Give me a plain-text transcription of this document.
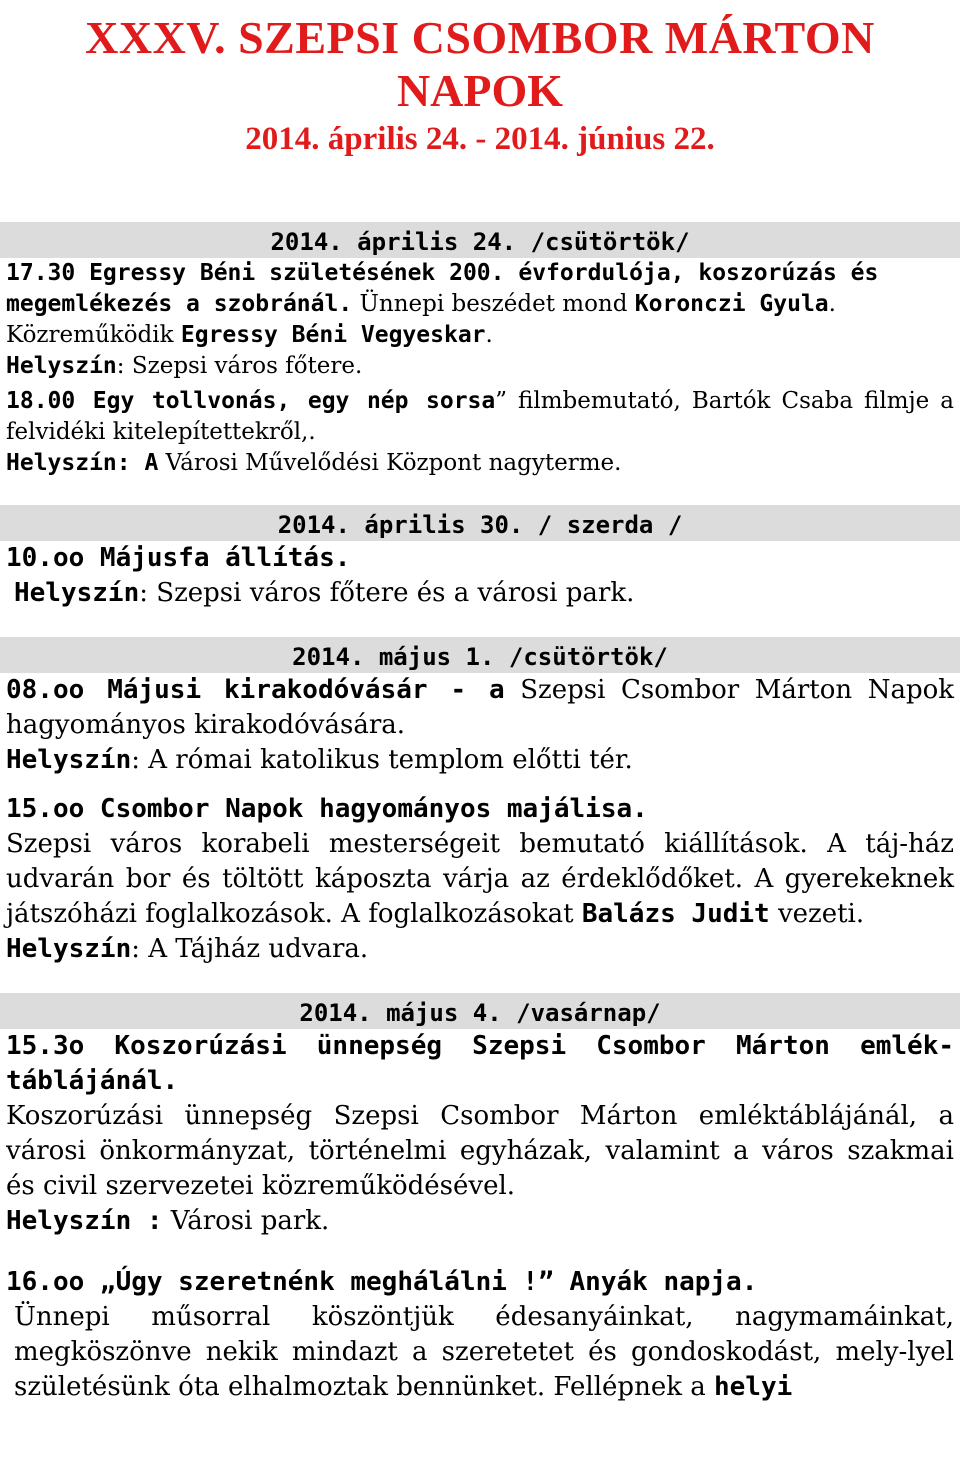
XXXV. SZEPSI CSOMBOR MÁRTON
NAPOK
2014. április 24. - 2014. június 22.
2014. április 24. /csütörtök/

17.30 Egressy Béni születésének 200. évfordulója, koszorúzás és megemlékezés a szobránál. Ünnepi beszédet mond Koronczi Gyula.

Közreműködik Egressy Béni Vegyeskar.

Helyszín: Szepsi város főtere.

18.00 Egy tollvonás, egy nép sorsa” filmbemutató, Bartók Csaba filmje a felvidéki kitelepítettekről,.

Helyszín: A Városi Művelődési Központ nagyterme.

2014. április 30. / szerda /

10.oo Májusfa állítás.

Helyszín: Szepsi város főtere és a városi park.

2014. május 1. /csütörtök/

08.oo Májusi kirakodóvásár - a Szepsi Csombor Márton Napok hagyományos kirakodóvására.

Helyszín: A római katolikus templom előtti tér.

15.oo Csombor Napok hagyományos majálisa.

Szepsi város korabeli mesterségeit bemutató kiállítások. A táj-ház udvarán bor és töltött káposzta várja az érdeklődőket. A gyerekeknek játszóházi foglalkozások. A foglalkozásokat Balázs Judit vezeti.

Helyszín: A Tájház udvara.

2014. május 4. /vasárnap/

15.3o Koszorúzási ünnepség Szepsi Csombor Márton emlék-táblájánál.

Koszorúzási ünnepség Szepsi Csombor Márton emléktáblájánál, a városi önkormányzat, történelmi egyházak, valamint a város szakmai és civil szervezetei közreműködésével.

Helyszín : Városi park.

16.oo „Úgy szeretnénk meghálálni !” Anyák napja.

Ünnepi műsorral köszöntjük édesanyáinkat, nagymamáinkat, megköszönve nekik mindazt a szeretetet és gondoskodást, mely-lyel születésünk óta elhalmoztak bennünket. Fellépnek a helyi
